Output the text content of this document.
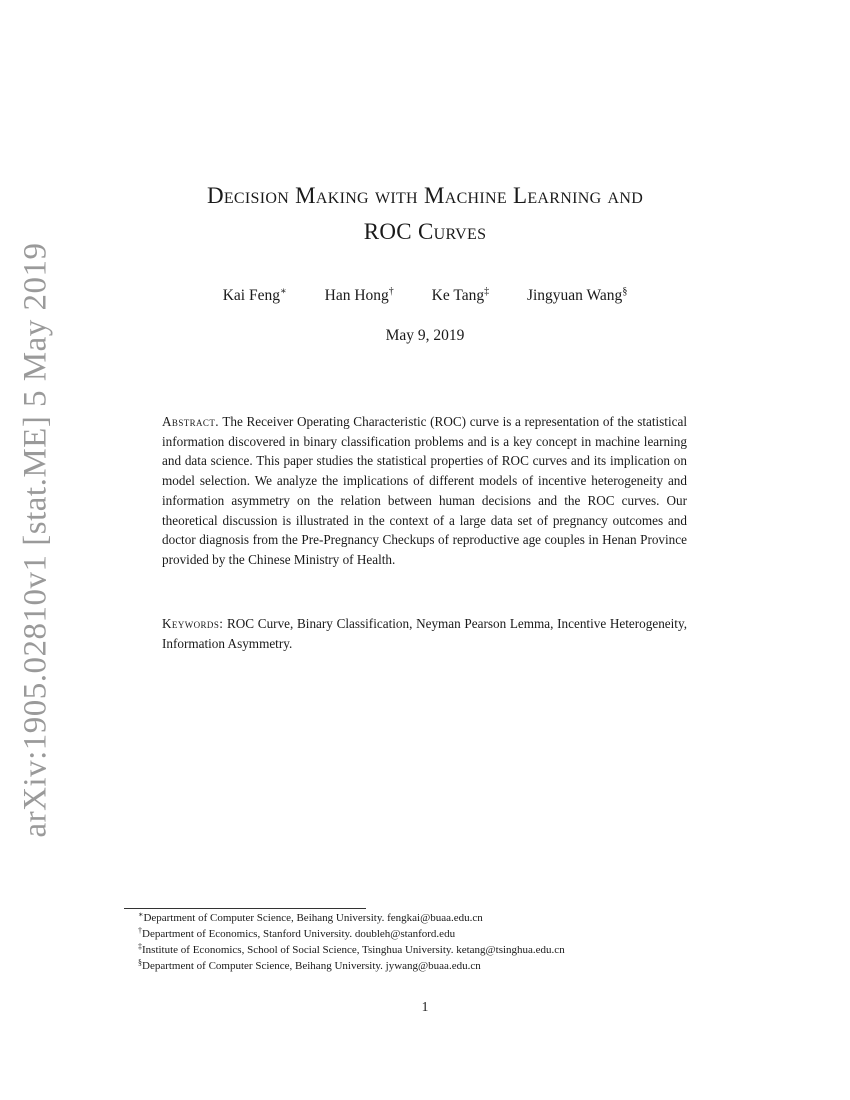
arXiv:1905.02810v1 [stat.ME] 5 May 2019
Decision Making with Machine Learning and
ROC Curves
Kai Feng∗ Han Hong† Ke Tang‡ Jingyuan Wang§
May 9, 2019
Abstract. The Receiver Operating Characteristic (ROC) curve is a representation of the statistical information discovered in binary classification problems and is a key concept in machine learning and data science. This paper studies the statistical properties of ROC curves and its implication on model selection. We analyze the implications of different models of incentive heterogeneity and information asymmetry on the relation between human decisions and the ROC curves. Our theoretical discussion is illustrated in the context of a large data set of pregnancy outcomes and doctor diagnosis from the Pre-Pregnancy Checkups of reproductive age couples in Henan Province provided by the Chinese Ministry of Health.
Keywords: ROC Curve, Binary Classification, Neyman Pearson Lemma, Incentive Heterogeneity, Information Asymmetry.
∗Department of Computer Science, Beihang University. fengkai@buaa.edu.cn
†Department of Economics, Stanford University. doubleh@stanford.edu
‡Institute of Economics, School of Social Science, Tsinghua University. ketang@tsinghua.edu.cn
§Department of Computer Science, Beihang University. jywang@buaa.edu.cn
1
